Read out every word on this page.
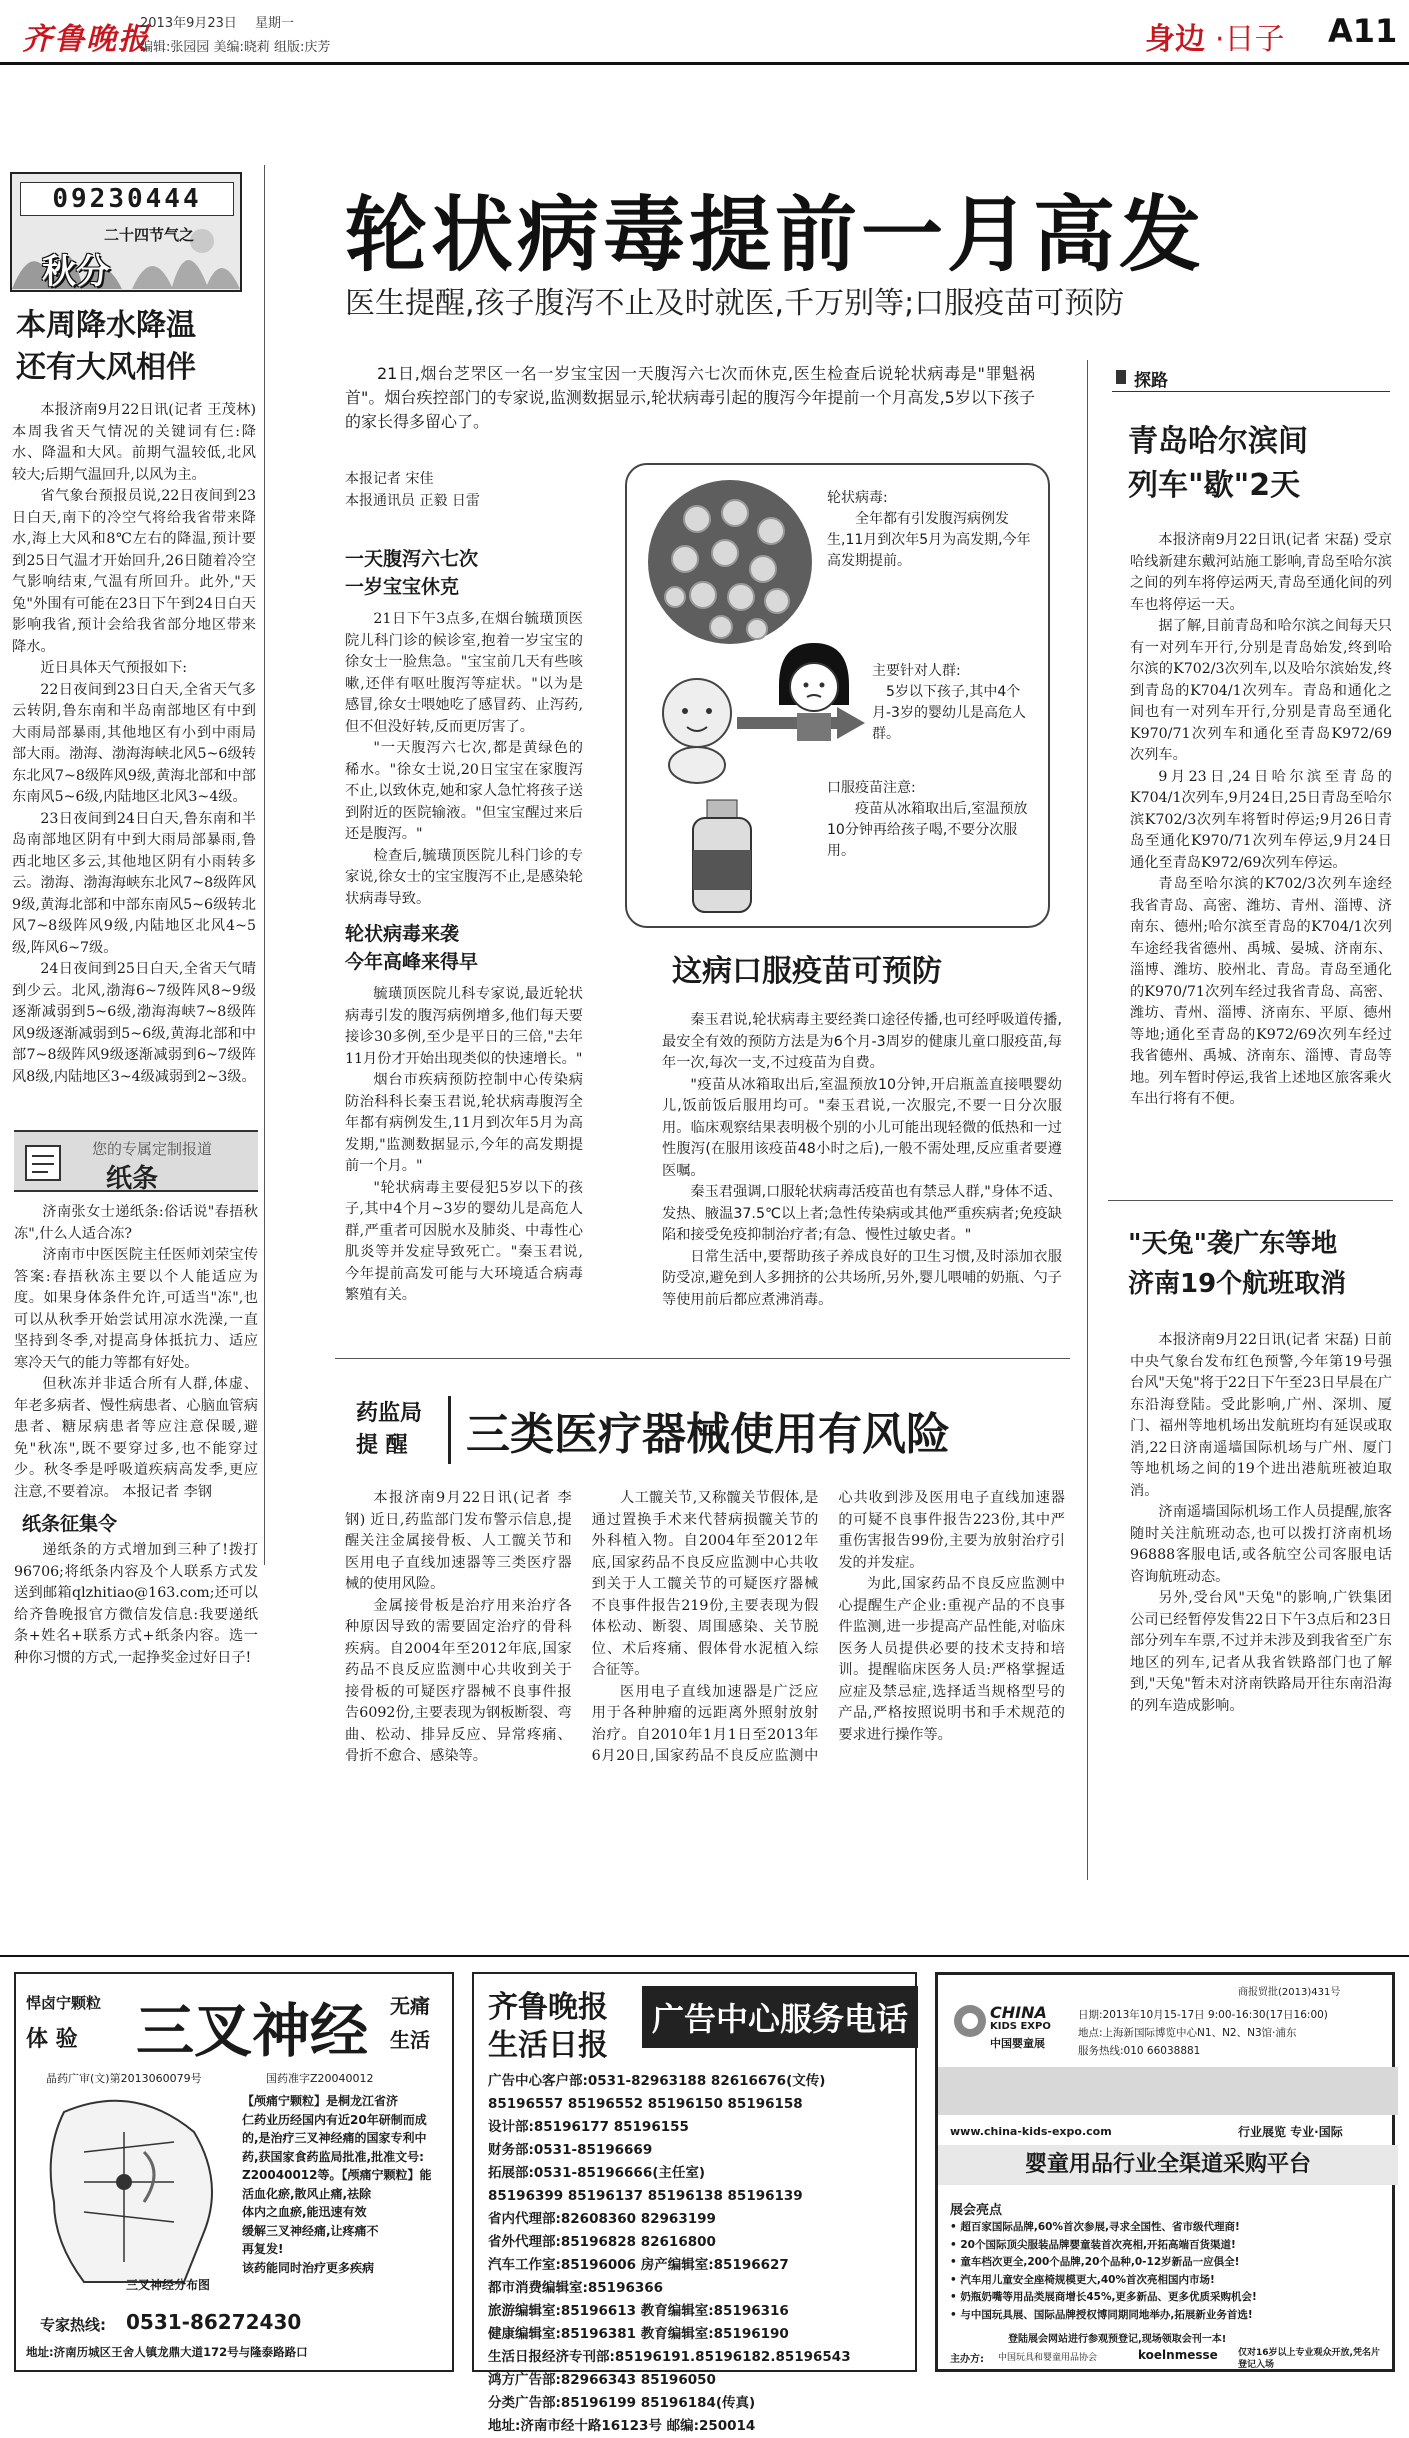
齐鲁晚报
2013年9月23日 星期一
编辑:张园园 美编:晓莉 组版:庆芳	身边 ·日子 A11
09230444
二十四节气之
秋分
本周降水降温
还有大风相伴

本报济南9月22日讯(记者 王茂林) 本周我省天气情况的关键词有仨:降水、降温和大风。前期气温较低,北风较大;后期气温回升,以风为主。

省气象台预报员说,22日夜间到23日白天,南下的冷空气将给我省带来降水,海上大风和8℃左右的降温,预计要到25日气温才开始回升,26日随着冷空气影响结束,气温有所回升。此外,"天兔"外围有可能在23日下午到24日白天影响我省,预计会给我省部分地区带来降水。

近日具体天气预报如下:

22日夜间到23日白天,全省天气多云转阴,鲁东南和半岛南部地区有中到大雨局部暴雨,其他地区有小到中雨局部大雨。渤海、渤海海峡北风5~6级转东北风7~8级阵风9级,黄海北部和中部东南风5~6级,内陆地区北风3~4级。

23日夜间到24日白天,鲁东南和半岛南部地区阴有中到大雨局部暴雨,鲁西北地区多云,其他地区阴有小雨转多云。渤海、渤海海峡东北风7~8级阵风9级,黄海北部和中部东南风5~6级转北风7~8级阵风9级,内陆地区北风4~5级,阵风6~7级。

24日夜间到25日白天,全省天气晴到少云。北风,渤海6~7级阵风8~9级逐渐减弱到5~6级,渤海海峡7~8级阵风9级逐渐减弱到5~6级,黄海北部和中部7~8级阵风9级逐渐减弱到6~7级阵风8级,内陆地区3~4级减弱到2~3级。

您的专属定制报道
纸条

济南张女士递纸条:俗话说"春捂秋冻",什么人适合冻?

济南市中医医院主任医师刘荣宝传答案:春捂秋冻主要以个人能适应为度。如果身体条件允许,可适当"冻",也可以从秋季开始尝试用凉水洗澡,一直坚持到冬季,对提高身体抵抗力、适应寒冷天气的能力等都有好处。

但秋冻并非适合所有人群,体虚、年老多病者、慢性病患者、心脑血管病患者、糖尿病患者等应注意保暖,避免"秋冻",既不要穿过多,也不能穿过少。秋冬季是呼吸道疾病高发季,更应注意,不要着凉。 本报记者 李钢

纸条征集令

递纸条的方式增加到三种了!拨打96706;将纸条内容及个人联系方式发送到邮箱qlzhitiao@163.com;还可以给齐鲁晚报官方微信发信息:我要递纸条+姓名+联系方式+纸条内容。选一种你习惯的方式,一起挣奖金过好日子!

轮状病毒提前一月高发
医生提醒,孩子腹泻不止及时就医,千万别等;口服疫苗可预防
21日,烟台芝罘区一名一岁宝宝因一天腹泻六七次而休克,医生检查后说轮状病毒是"罪魁祸首"。烟台疾控部门的专家说,监测数据显示,轮状病毒引起的腹泻今年提前一个月高发,5岁以下孩子的家长得多留心了。
本报记者 宋佳
本报通讯员 正毅 日雷
一天腹泻六七次
一岁宝宝休克

21日下午3点多,在烟台毓璜顶医院儿科门诊的候诊室,抱着一岁宝宝的徐女士一脸焦急。"宝宝前几天有些咳嗽,还伴有呕吐腹泻等症状。"以为是感冒,徐女士喂她吃了感冒药、止泻药,但不但没好转,反而更厉害了。

"一天腹泻六七次,都是黄绿色的稀水。"徐女士说,20日宝宝在家腹泻不止,以致休克,她和家人急忙将孩子送到附近的医院输液。"但宝宝醒过来后还是腹泻。"

检查后,毓璜顶医院儿科门诊的专家说,徐女士的宝宝腹泻不止,是感染轮状病毒导致。

轮状病毒来袭
今年高峰来得早

毓璜顶医院儿科专家说,最近轮状病毒引发的腹泻病例增多,他们每天要接诊30多例,至少是平日的三倍,"去年11月份才开始出现类似的快速增长。"

烟台市疾病预防控制中心传染病防治科科长秦玉君说,轮状病毒腹泻全年都有病例发生,11月到次年5月为高发期,"监测数据显示,今年的高发期提前一个月。"

"轮状病毒主要侵犯5岁以下的孩子,其中4个月~3岁的婴幼儿是高危人群,严重者可因脱水及肺炎、中毒性心肌炎等并发症导致死亡。"秦玉君说,今年提前高发可能与大环境适合病毒繁殖有关。

轮状病毒:
全年都有引发腹泻病例发生,11月到次年5月为高发期,今年高发期提前。
主要针对人群:
5岁以下孩子,其中4个月-3岁的婴幼儿是高危人群。
口服疫苗注意:
疫苗从冰箱取出后,室温预放10分钟再给孩子喝,不要分次服用。
这病口服疫苗可预防

秦玉君说,轮状病毒主要经粪口途径传播,也可经呼吸道传播,最安全有效的预防方法是为6个月-3周岁的健康儿童口服疫苗,每年一次,每次一支,不过疫苗为自费。

"疫苗从冰箱取出后,室温预放10分钟,开启瓶盖直接喂婴幼儿,饭前饭后服用均可。"秦玉君说,一次服完,不要一日分次服用。临床观察结果表明极个别的小儿可能出现轻微的低热和一过性腹泻(在服用该疫苗48小时之后),一般不需处理,反应重者要遵医嘱。

秦玉君强调,口服轮状病毒活疫苗也有禁忌人群,"身体不适、发热、腋温37.5℃以上者;急性传染病或其他严重疾病者;免疫缺陷和接受免疫抑制治疗者;有急、慢性过敏史者。"

日常生活中,要帮助孩子养成良好的卫生习惯,及时添加衣服防受凉,避免到人多拥挤的公共场所,另外,婴儿喂哺的奶瓶、勺子等使用前后都应煮沸消毒。

药监局
提 醒	三类医疗器械使用有风险

本报济南9月22日讯(记者 李钢) 近日,药监部门发布警示信息,提醒关注金属接骨板、人工髋关节和医用电子直线加速器等三类医疗器械的使用风险。

金属接骨板是治疗用来治疗各种原因导致的需要固定治疗的骨科疾病。自2004年至2012年底,国家药品不良反应监测中心共收到关于接骨板的可疑医疗器械不良事件报告6092份,主要表现为钢板断裂、弯曲、松动、排异反应、异常疼痛、骨折不愈合、感染等。

人工髋关节,又称髋关节假体,是通过置换手术来代替病损髋关节的外科植入物。自2004年至2012年底,国家药品不良反应监测中心共收到关于人工髋关节的可疑医疗器械不良事件报告219份,主要表现为假体松动、断裂、周围感染、关节脱位、术后疼痛、假体骨水泥植入综合征等。

医用电子直线加速器是广泛应用于各种肿瘤的远距离外照射放射治疗。自2010年1月1日至2013年6月20日,国家药品不良反应监测中心共收到涉及医用电子直线加速器的可疑不良事件报告223份,其中严重伤害报告99份,主要为放射治疗引发的并发症。

为此,国家药品不良反应监测中心提醒生产企业:重视产品的不良事件监测,进一步提高产品性能,对临床医务人员提供必要的技术支持和培训。提醒临床医务人员:严格掌握适应症及禁忌症,选择适当规格型号的产品,严格按照说明书和手术规范的要求进行操作等。

探路
青岛哈尔滨间
列车"歇"2天

本报济南9月22日讯(记者 宋磊) 受京哈线新建东戴河站施工影响,青岛至哈尔滨之间的列车将停运两天,青岛至通化间的列车也将停运一天。

据了解,目前青岛和哈尔滨之间每天只有一对列车开行,分别是青岛始发,终到哈尔滨的K702/3次列车,以及哈尔滨始发,终到青岛的K704/1次列车。青岛和通化之间也有一对列车开行,分别是青岛至通化K970/71次列车和通化至青岛K972/69次列车。

9月23日,24日哈尔滨至青岛的K704/1次列车,9月24日,25日青岛至哈尔滨K702/3次列车将暂时停运;9月26日青岛至通化K970/71次列车停运,9月24日通化至青岛K972/69次列车停运。

青岛至哈尔滨的K702/3次列车途经我省青岛、高密、潍坊、青州、淄博、济南东、德州;哈尔滨至青岛的K704/1次列车途经我省德州、禹城、晏城、济南东、淄博、潍坊、胶州北、青岛。青岛至通化的K970/71次列车经过我省青岛、高密、潍坊、青州、淄博、济南东、平原、德州等地;通化至青岛的K972/69次列车经过我省德州、禹城、济南东、淄博、青岛等地。列车暂时停运,我省上述地区旅客乘火车出行将有不便。

"天兔"袭广东等地
济南19个航班取消

本报济南9月22日讯(记者 宋磊) 日前中央气象台发布红色预警,今年第19号强台风"天兔"将于22日下午至23日早晨在广东沿海登陆。受此影响,广州、深圳、厦门、福州等地机场出发航班均有延误或取消,22日济南遥墙国际机场与广州、厦门等地机场之间的19个进出港航班被迫取消。

济南遥墙国际机场工作人员提醒,旅客随时关注航班动态,也可以拨打济南机场96888客服电话,或各航空公司客服电话咨询航班动态。

另外,受台风"天兔"的影响,广铁集团公司已经暂停发售22日下午3点后和23日部分列车车票,不过并未涉及到我省至广东地区的列车,记者从我省铁路部门也了解到,"天兔"暂未对济南铁路局开往东南沿海的列车造成影响。

悍卤宁颗粒
体 验 三叉神经 无痛
生活
晶药广审(文)第2013060079号	国药准字Z20040012
三叉神经分布图
【颅痛宁颗粒】是桐龙江省济
仁药业历经国内有近20年研制而成
的,是治疗三叉神经痛的国家专利中
药,获国家食药监局批准,批准文号:
Z20040012等。【颅痛宁颗粒】能
活血化瘀,散风止痛,祛除
体内之血瘀,能迅速有效
缓解三叉神经痛,让疼痛不
再复发!
该药能同时治疗更多疾病
专家热线: 0531-86272430
地址:济南历城区王舍人镇龙鼎大道172号与隆泰路路口
齐鲁晚报
生活日报
广告中心服务电话
广告中心客户部:0531-82963188 82616676(文传)
85196557 85196552 85196150 85196158
设计部:85196177 85196155
财务部:0531-85196669
拓展部:0531-85196666(主任室)
85196399 85196137 85196138 85196139
省内代理部:82608360 82963199
省外代理部:85196828 82616800
汽车工作室:85196006 房产编辑室:85196627
都市消费编辑室:85196366
旅游编辑室:85196613 教育编辑室:85196316
健康编辑室:85196381 教育编辑室:85196190
生活日报经济专刊部:85196191.85196182.85196543
鸿方广告部:82966343 85196050
分类广告部:85196199 85196184(传真)
地址:济南市经十路16123号 邮编:250014
商报贸批(2013)431号
CHINA
KIDS EXPO
中国婴童展
日期:2013年10月15-17日 9:00-16:30(17日16:00)
地点:上海新国际博览中心N1、N2、N3馆·浦东
服务热线:010 66038881
www.china-kids-expo.com	行业展览 专业·国际
婴童用品行业全渠道采购平台
展会亮点
• 超百家国际品牌,60%首次参展,寻求全国性、省市级代理商!
• 20个国际顶尖服装品牌婴童装首次亮相,开拓高端百货渠道!
• 童车档次更全,200个品牌,20个品种,0-12岁新品一应俱全!
• 汽车用儿童安全座椅规模更大,40%首次亮相国内市场!
• 奶瓶奶嘴等用品类展商增长45%,更多新品、更多优质采购机会!
• 与中国玩具展、国际品牌授权博同期同地举办,拓展新业务首选!
登陆展会网站进行参观预登记,现场领取会刊一本!
主办方: 中国玩具和婴童用品协会	koelnmesse 仅对16岁以上专业观众开放,凭名片登记入场
